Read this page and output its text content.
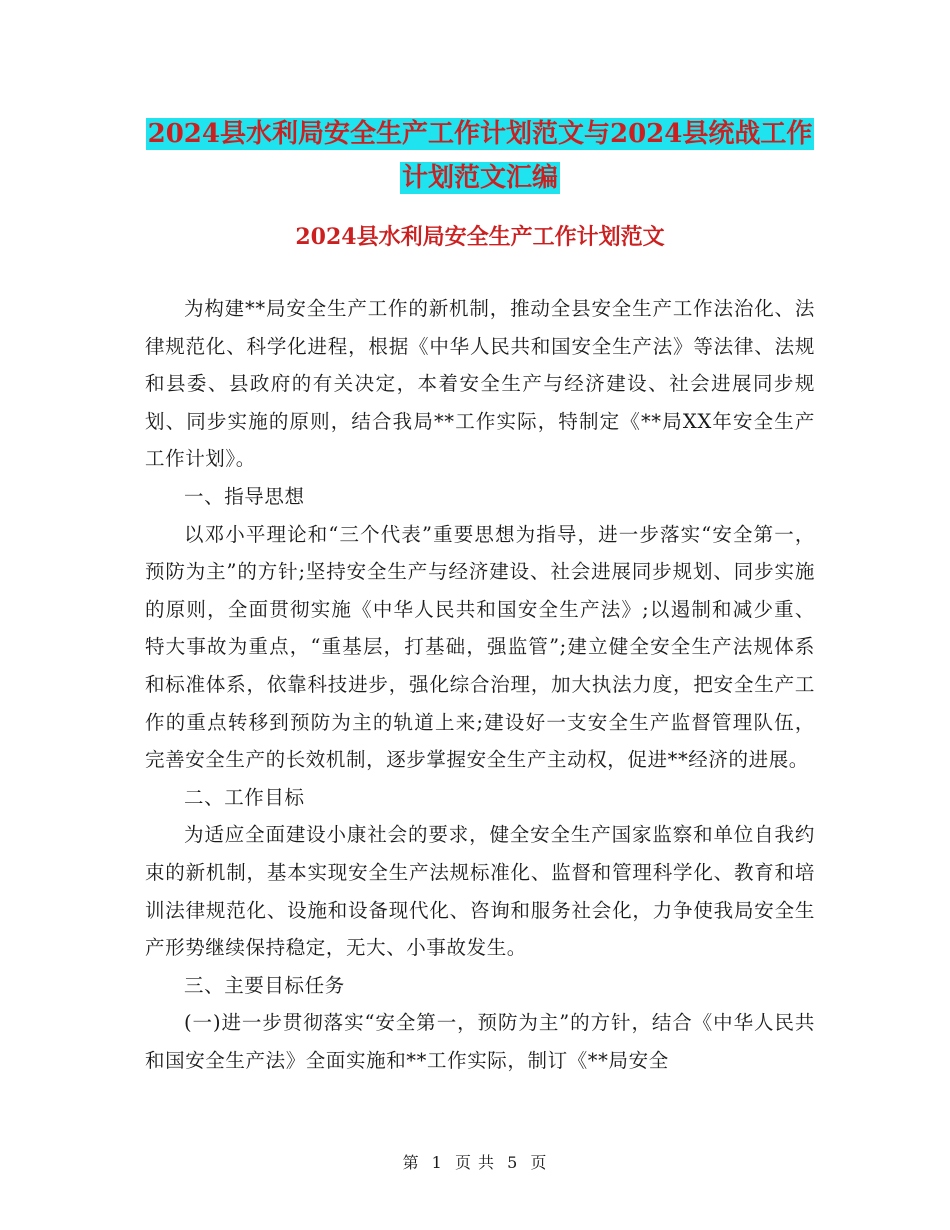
2024县水利局安全生产工作计划范文与2024县统战工作计划范文汇编
2024县水利局安全生产工作计划范文

为构建**局安全生产工作的新机制，推动全县安全生产工作法治化、法律规范化、科学化进程，根据《中华人民共和国安全生产法》等法律、法规和县委、县政府的有关决定，本着安全生产与经济建设、社会进展同步规划、同步实施的原则，结合我局**工作实际，特制定《**局XX年安全生产工作计划》。

一、指导思想

以邓小平理论和“三个代表”重要思想为指导，进一步落实“安全第一，预防为主”的方针;坚持安全生产与经济建设、社会进展同步规划、同步实施的原则，全面贯彻实施《中华人民共和国安全生产法》;以遏制和减少重、特大事故为重点，“重基层，打基础，强监管”;建立健全安全生产法规体系和标准体系，依靠科技进步，强化综合治理，加大执法力度，把安全生产工作的重点转移到预防为主的轨道上来;建设好一支安全生产监督管理队伍，完善安全生产的长效机制，逐步掌握安全生产主动权，促进**经济的进展。

二、工作目标

为适应全面建设小康社会的要求，健全安全生产国家监察和单位自我约束的新机制，基本实现安全生产法规标准化、监督和管理科学化、教育和培训法律规范化、设施和设备现代化、咨询和服务社会化，力争使我局安全生产形势继续保持稳定，无大、小事故发生。

三、主要目标任务

(一)进一步贯彻落实“安全第一，预防为主”的方针，结合《中华人民共和国安全生产法》全面实施和**工作实际，制订《**局安全

第 1 页 共 5 页
